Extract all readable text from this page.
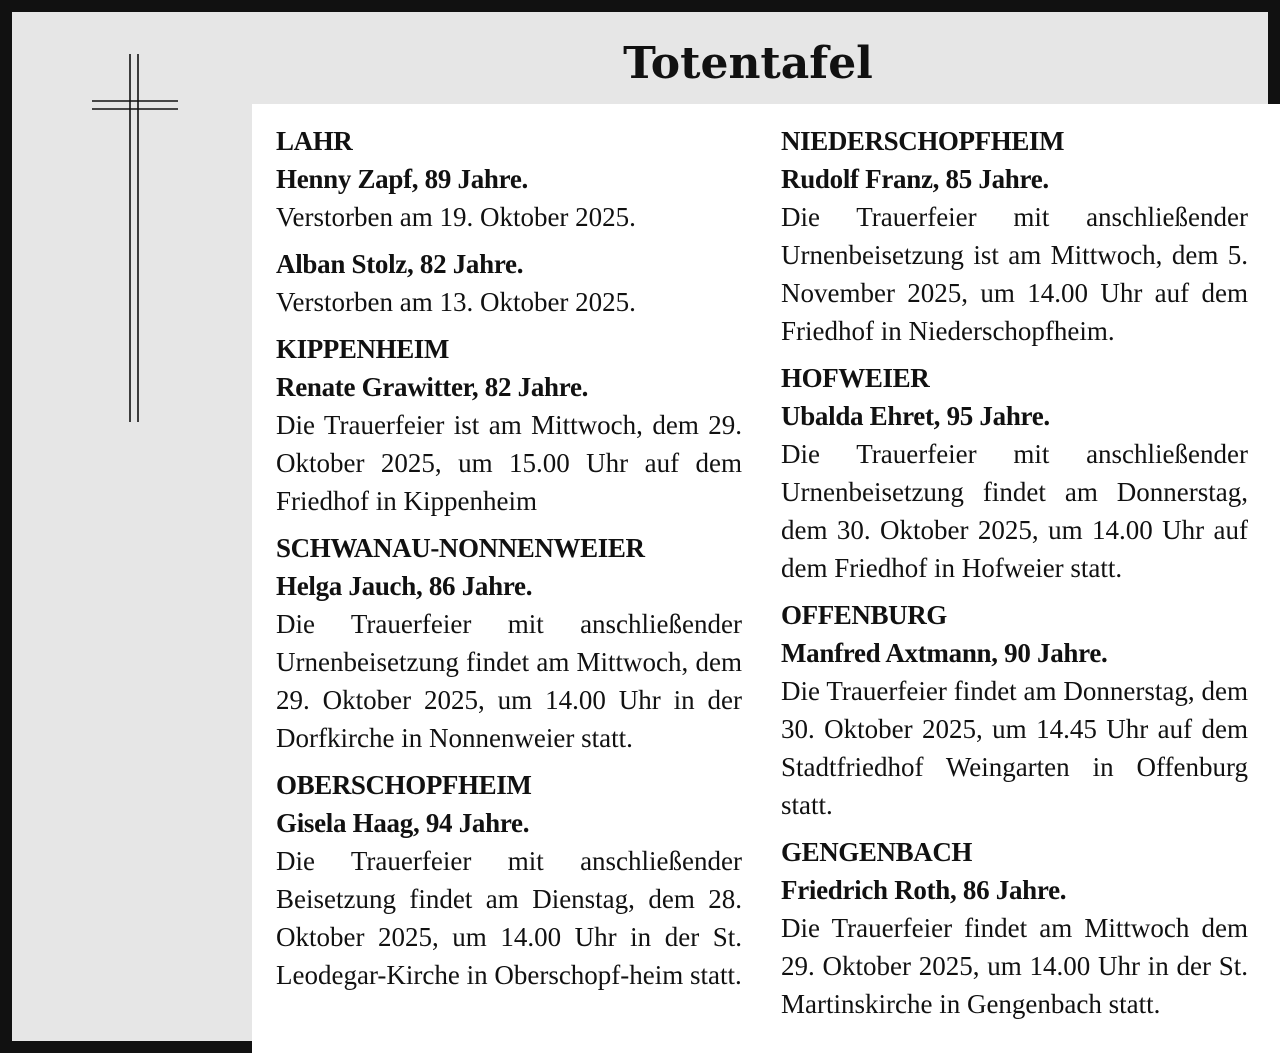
Totentafel
LAHR
Henny Zapf, 89 Jahre.
Verstorben am 19. Oktober 2025.
Alban Stolz, 82 Jahre.
Verstorben am 13. Oktober 2025.
KIPPENHEIM
Renate Grawitter, 82 Jahre.
Die Trauerfeier ist am Mittwoch, dem 29. Oktober 2025, um 15.00 Uhr auf dem Friedhof in Kippenheim
SCHWANAU-NONNENWEIER
Helga Jauch, 86 Jahre.
Die Trauerfeier mit anschließender Urnenbeisetzung findet am Mittwoch, dem 29. Oktober 2025, um 14.00 Uhr in der Dorfkirche in Nonnenweier statt.
OBERSCHOPFHEIM
Gisela Haag, 94 Jahre.
Die Trauerfeier mit anschließender Beisetzung findet am Dienstag, dem 28. Oktober 2025, um 14.00 Uhr in der St. Leodegar-Kirche in Oberschopf-heim statt.
NIEDERSCHOPFHEIM
Rudolf Franz, 85 Jahre.
Die Trauerfeier mit anschließender Urnenbeisetzung ist am Mittwoch, dem 5. November 2025, um 14.00 Uhr auf dem Friedhof in Niederschopfheim.
HOFWEIER
Ubalda Ehret, 95 Jahre.
Die Trauerfeier mit anschließender Urnenbeisetzung findet am Donnerstag, dem 30. Oktober 2025, um 14.00 Uhr auf dem Friedhof in Hofweier statt.
OFFENBURG
Manfred Axtmann, 90 Jahre.
Die Trauerfeier findet am Donnerstag, dem 30. Oktober 2025, um 14.45 Uhr auf dem Stadtfriedhof Weingarten in Offenburg statt.
GENGENBACH
Friedrich Roth, 86 Jahre.
Die Trauerfeier findet am Mittwoch dem 29. Oktober 2025, um 14.00 Uhr in der St. Martinskirche in Gengenbach statt.
